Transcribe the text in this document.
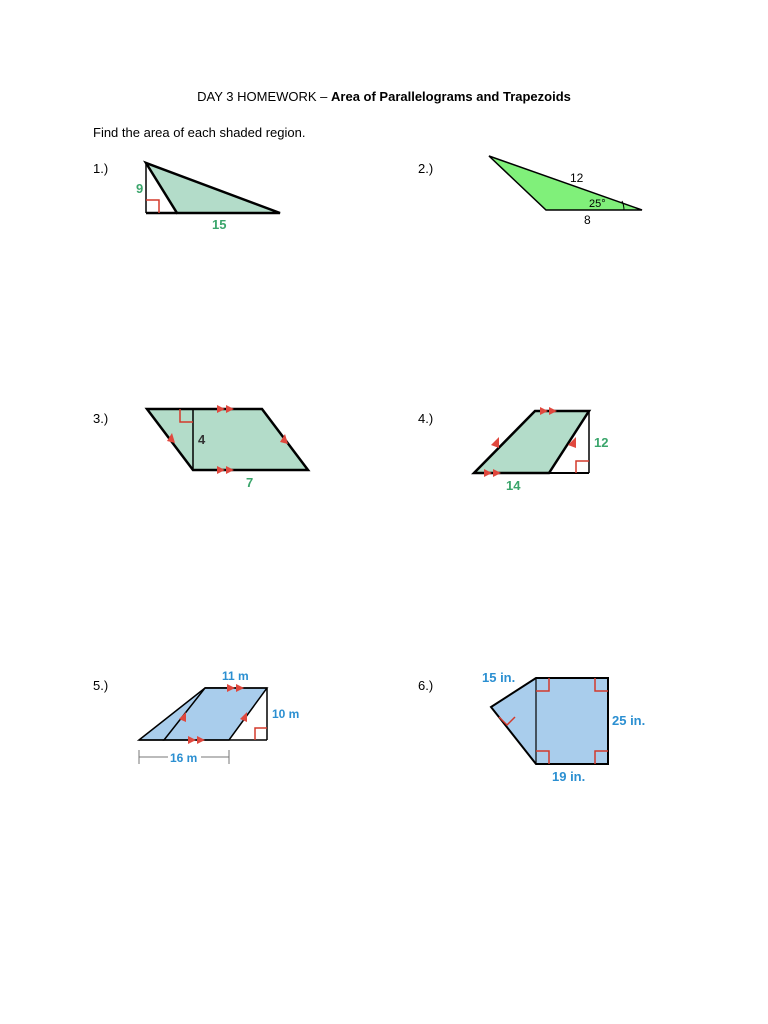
DAY 3 HOMEWORK – Area of Parallelograms and Trapezoids
Find the area of each shaded region.
1.)	2.)
3.)	4.)
5.)	6.)
9
15
12
25°
8
4
7
12
14
11 m
10 m
16 m
15 in.
25 in.
19 in.
